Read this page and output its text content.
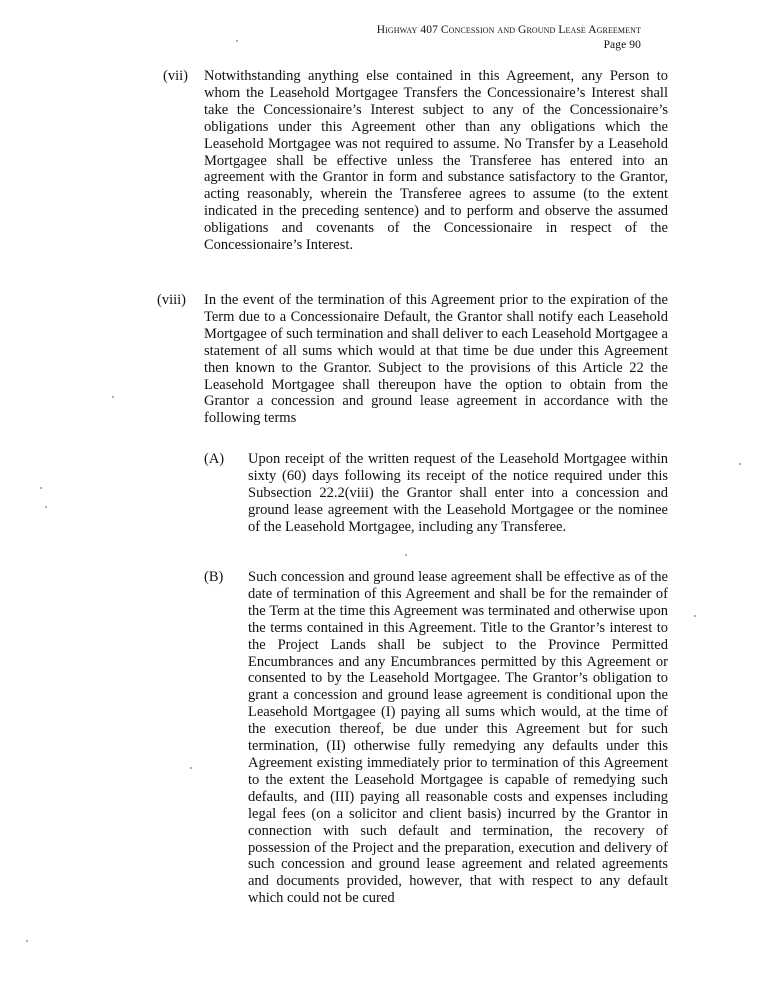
Highway 407 Concession and Ground Lease Agreement
Page 90
(vii) Notwithstanding anything else contained in this Agreement, any Person to whom the Leasehold Mortgagee Transfers the Concessionaire’s Interest shall take the Concessionaire’s Interest subject to any of the Concessionaire’s obligations under this Agreement other than any obligations which the Leasehold Mortgagee was not required to assume. No Transfer by a Leasehold Mortgagee shall be effective unless the Transferee has entered into an agreement with the Grantor in form and substance satisfactory to the Grantor, acting reasonably, wherein the Transferee agrees to assume (to the extent indicated in the preceding sentence) and to perform and observe the assumed obligations and covenants of the Concessionaire in respect of the Concessionaire’s Interest.
(viii) In the event of the termination of this Agreement prior to the expiration of the Term due to a Concessionaire Default, the Grantor shall notify each Leasehold Mortgagee of such termination and shall deliver to each Leasehold Mortgagee a statement of all sums which would at that time be due under this Agreement then known to the Grantor. Subject to the provisions of this Article 22 the Leasehold Mortgagee shall thereupon have the option to obtain from the Grantor a concession and ground lease agreement in accordance with the following terms
(A) Upon receipt of the written request of the Leasehold Mortgagee within sixty (60) days following its receipt of the notice required under this Subsection 22.2(viii) the Grantor shall enter into a concession and ground lease agreement with the Leasehold Mortgagee or the nominee of the Leasehold Mortgagee, including any Transferee.
(B) Such concession and ground lease agreement shall be effective as of the date of termination of this Agreement and shall be for the remainder of the Term at the time this Agreement was terminated and otherwise upon the terms contained in this Agreement. Title to the Grantor’s interest to the Project Lands shall be subject to the Province Permitted Encumbrances and any Encumbrances permitted by this Agreement or consented to by the Leasehold Mortgagee. The Grantor’s obligation to grant a concession and ground lease agreement is conditional upon the Leasehold Mortgagee (I) paying all sums which would, at the time of the execution thereof, be due under this Agreement but for such termination, (II) otherwise fully remedying any defaults under this Agreement existing immediately prior to termination of this Agreement to the extent the Leasehold Mortgagee is capable of remedying such defaults, and (III) paying all reasonable costs and expenses including legal fees (on a solicitor and client basis) incurred by the Grantor in connection with such default and termination, the recovery of possession of the Project and the preparation, execution and delivery of such concession and ground lease agreement and related agreements and documents provided, however, that with respect to any default which could not be cured
